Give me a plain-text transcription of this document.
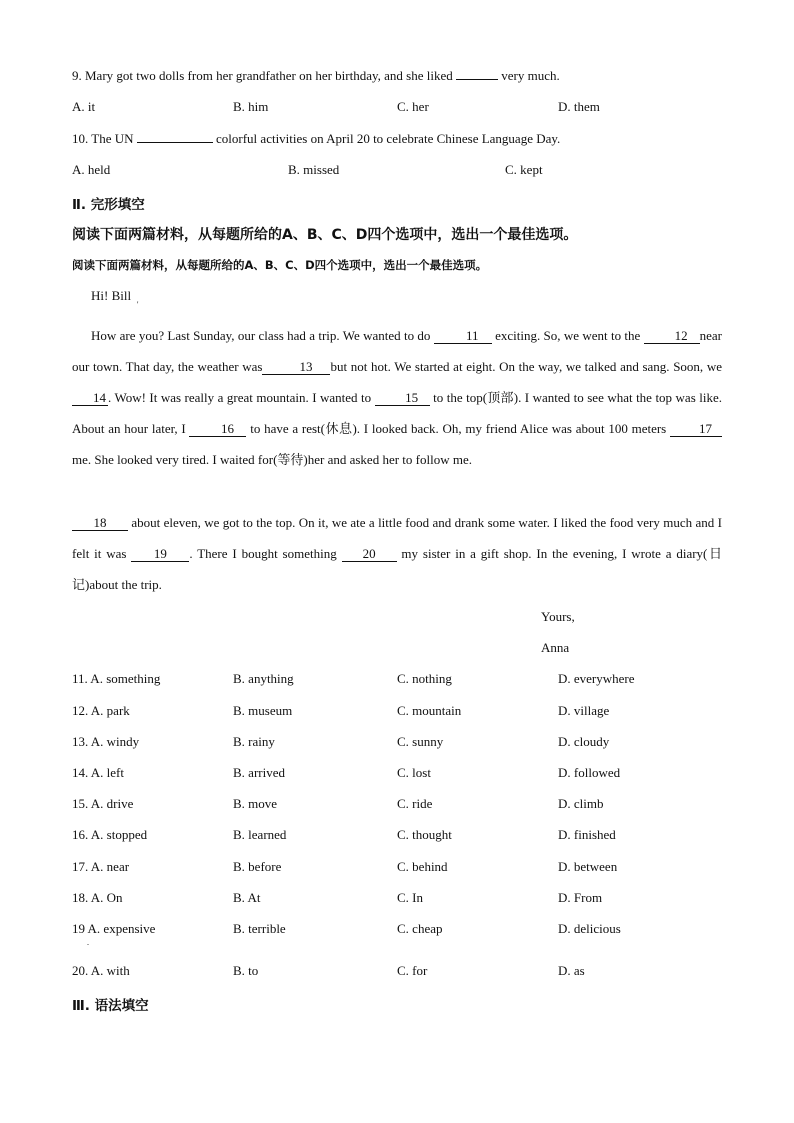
9. Mary got two dolls from her grandfather on her birthday, and she liked	very much.
A. it	B. him	C. her	D. them
10. The UN	colorful activities on April 20 to celebrate Chinese Language Day.
A. held	B. missed	C. kept
Ⅱ. 完形填空
阅读下面两篇材料，从每题所给的A、B、C、D四个选项中，选出一个最佳选项。
阅读下面两篇材料，从每题所给的A、B、C、D四个选项中，选出一个最佳选项。
Hi! Bill
'
How are you? Last Sunday, our class had a trip. We wanted to do 11 exciting. So, we went to the 12 near our town. That day, the weather was	13 but not hot. We started at eight. On the way, we talked and sang. Soon, we 14 . Wow! It was really a great mountain. I wanted to 15 to the top(顶部). I wanted to see what the top was like. About an hour later, I 16 to have a rest(休息). I looked back. Oh, my friend Alice was about 100 meters 17 me. She looked very tired. I waited for(等待)her and asked her to follow me.
18 about eleven, we got to the top. On it, we ate a little food and drank some water. I liked the food very much and I felt it was 19 . There I bought something 20 my sister in a gift shop. In the evening, I wrote a diary(日记)about the trip.
Yours,
Anna
11. A. something	B. anything	C. nothing	D. everywhere
12. A. park	B. museum	C. mountain	D. village
13. A. windy	B. rainy	C. sunny	D. cloudy
14. A. left	B. arrived	C. lost	D. followed
15. A. drive	B. move	C. ride	D. climb
16. A. stopped	B. learned	C. thought	D. finished
17. A. near	B. before	C. behind	D. between
18. A. On	B. At	C. In	D. From
19 A. expensive	B. terrible	C. cheap	D. delicious
.
20. A. with	B. to	C. for	D. as
Ⅲ. 语法填空
